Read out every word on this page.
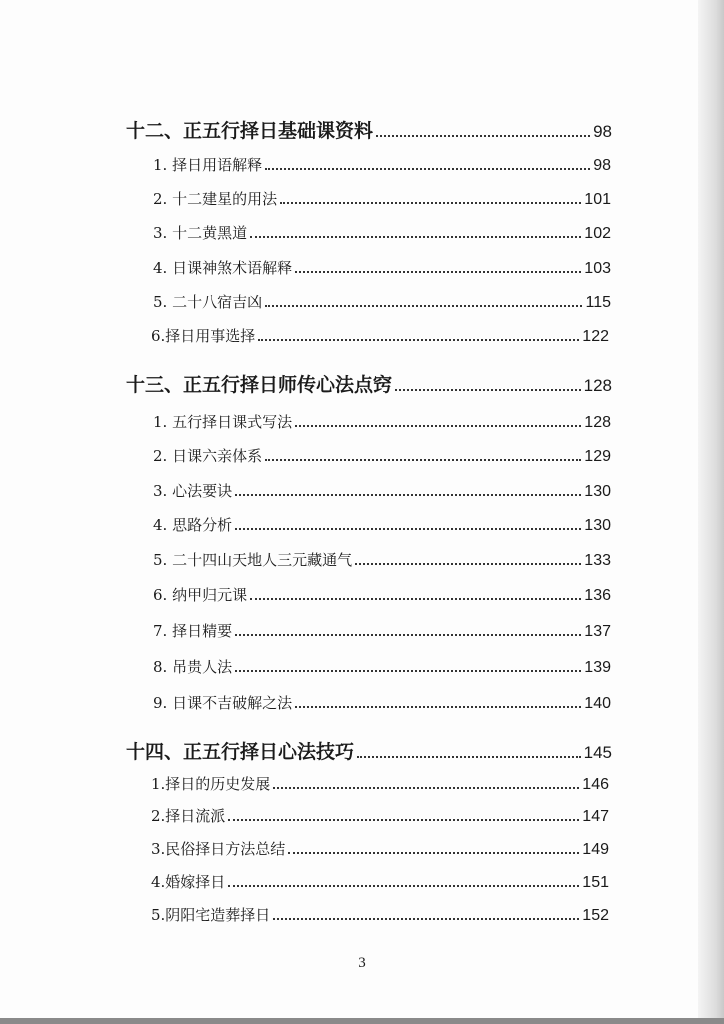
十二、正五行择日基础课资料	98
1. 择日用语解释	98
2. 十二建星的用法	101
3. 十二黄黑道	102
4. 日课神煞术语解释	103
5. 二十八宿吉凶	115
6.择日用事选择	122
十三、正五行择日师传心法点窍	128
1. 五行择日课式写法	128
2. 日课六亲体系	129
3. 心法要诀	130
4. 思路分析	130
5. 二十四山天地人三元藏通气	133
6. 纳甲归元课	136
7. 择日精要	137
8. 吊贵人法	139
9. 日课不吉破解之法	140
十四、正五行择日心法技巧	145
1.择日的历史发展	146
2.择日流派	147
3.民俗择日方法总结	149
4.婚嫁择日	151
5.阴阳宅造葬择日	152
3
